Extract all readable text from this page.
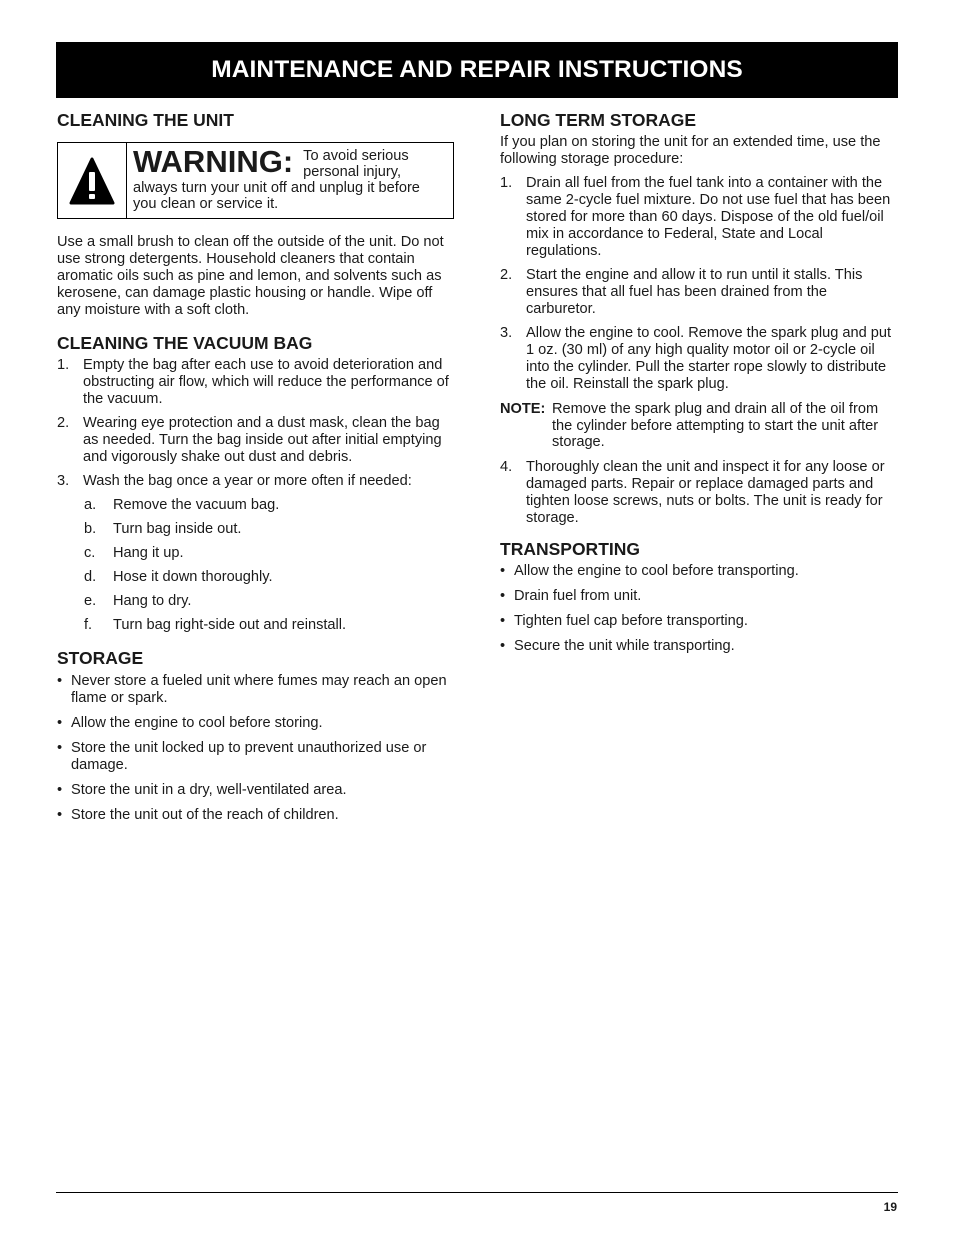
MAINTENANCE AND REPAIR INSTRUCTIONS
CLEANING THE UNIT
WARNING: To avoid serious personal injury, always turn your unit off and unplug it before you clean or service it.

Use a small brush to clean off the outside of the unit. Do not use strong detergents. Household cleaners that contain aromatic oils such as pine and lemon, and solvents such as kerosene, can damage plastic housing or handle. Wipe off any moisture with a soft cloth.

CLEANING THE VACUUM BAG
1. Empty the bag after each use to avoid deterioration and obstructing air flow, which will reduce the performance of the vacuum.
2. Wearing eye protection and a dust mask, clean the bag as needed. Turn the bag inside out after initial emptying and vigorously shake out dust and debris.
3. Wash the bag once a year or more often if needed:
a. Remove the vacuum bag.
b. Turn bag inside out.
c. Hang it up.
d. Hose it down thoroughly.
e. Hang to dry.
f. Turn bag right-side out and reinstall.
STORAGE
• Never store a fueled unit where fumes may reach an open flame or spark.
• Allow the engine to cool before storing.
• Store the unit locked up to prevent unauthorized use or damage.
• Store the unit in a dry, well-ventilated area.
• Store the unit out of the reach of children.
LONG TERM STORAGE

If you plan on storing the unit for an extended time, use the following storage procedure:

1. Drain all fuel from the fuel tank into a container with the same 2-cycle fuel mixture. Do not use fuel that has been stored for more than 60 days. Dispose of the old fuel/oil mix in accordance to Federal, State and Local regulations.
2. Start the engine and allow it to run until it stalls. This ensures that all fuel has been drained from the carburetor.
3. Allow the engine to cool. Remove the spark plug and put 1 oz. (30 ml) of any high quality motor oil or 2-cycle oil into the cylinder. Pull the starter rope slowly to distribute the oil. Reinstall the spark plug.
NOTE: Remove the spark plug and drain all of the oil from the cylinder before attempting to start the unit after storage.
4. Thoroughly clean the unit and inspect it for any loose or damaged parts. Repair or replace damaged parts and tighten loose screws, nuts or bolts. The unit is ready for storage.
TRANSPORTING
• Allow the engine to cool before transporting.
• Drain fuel from unit.
• Tighten fuel cap before transporting.
• Secure the unit while transporting.
19
